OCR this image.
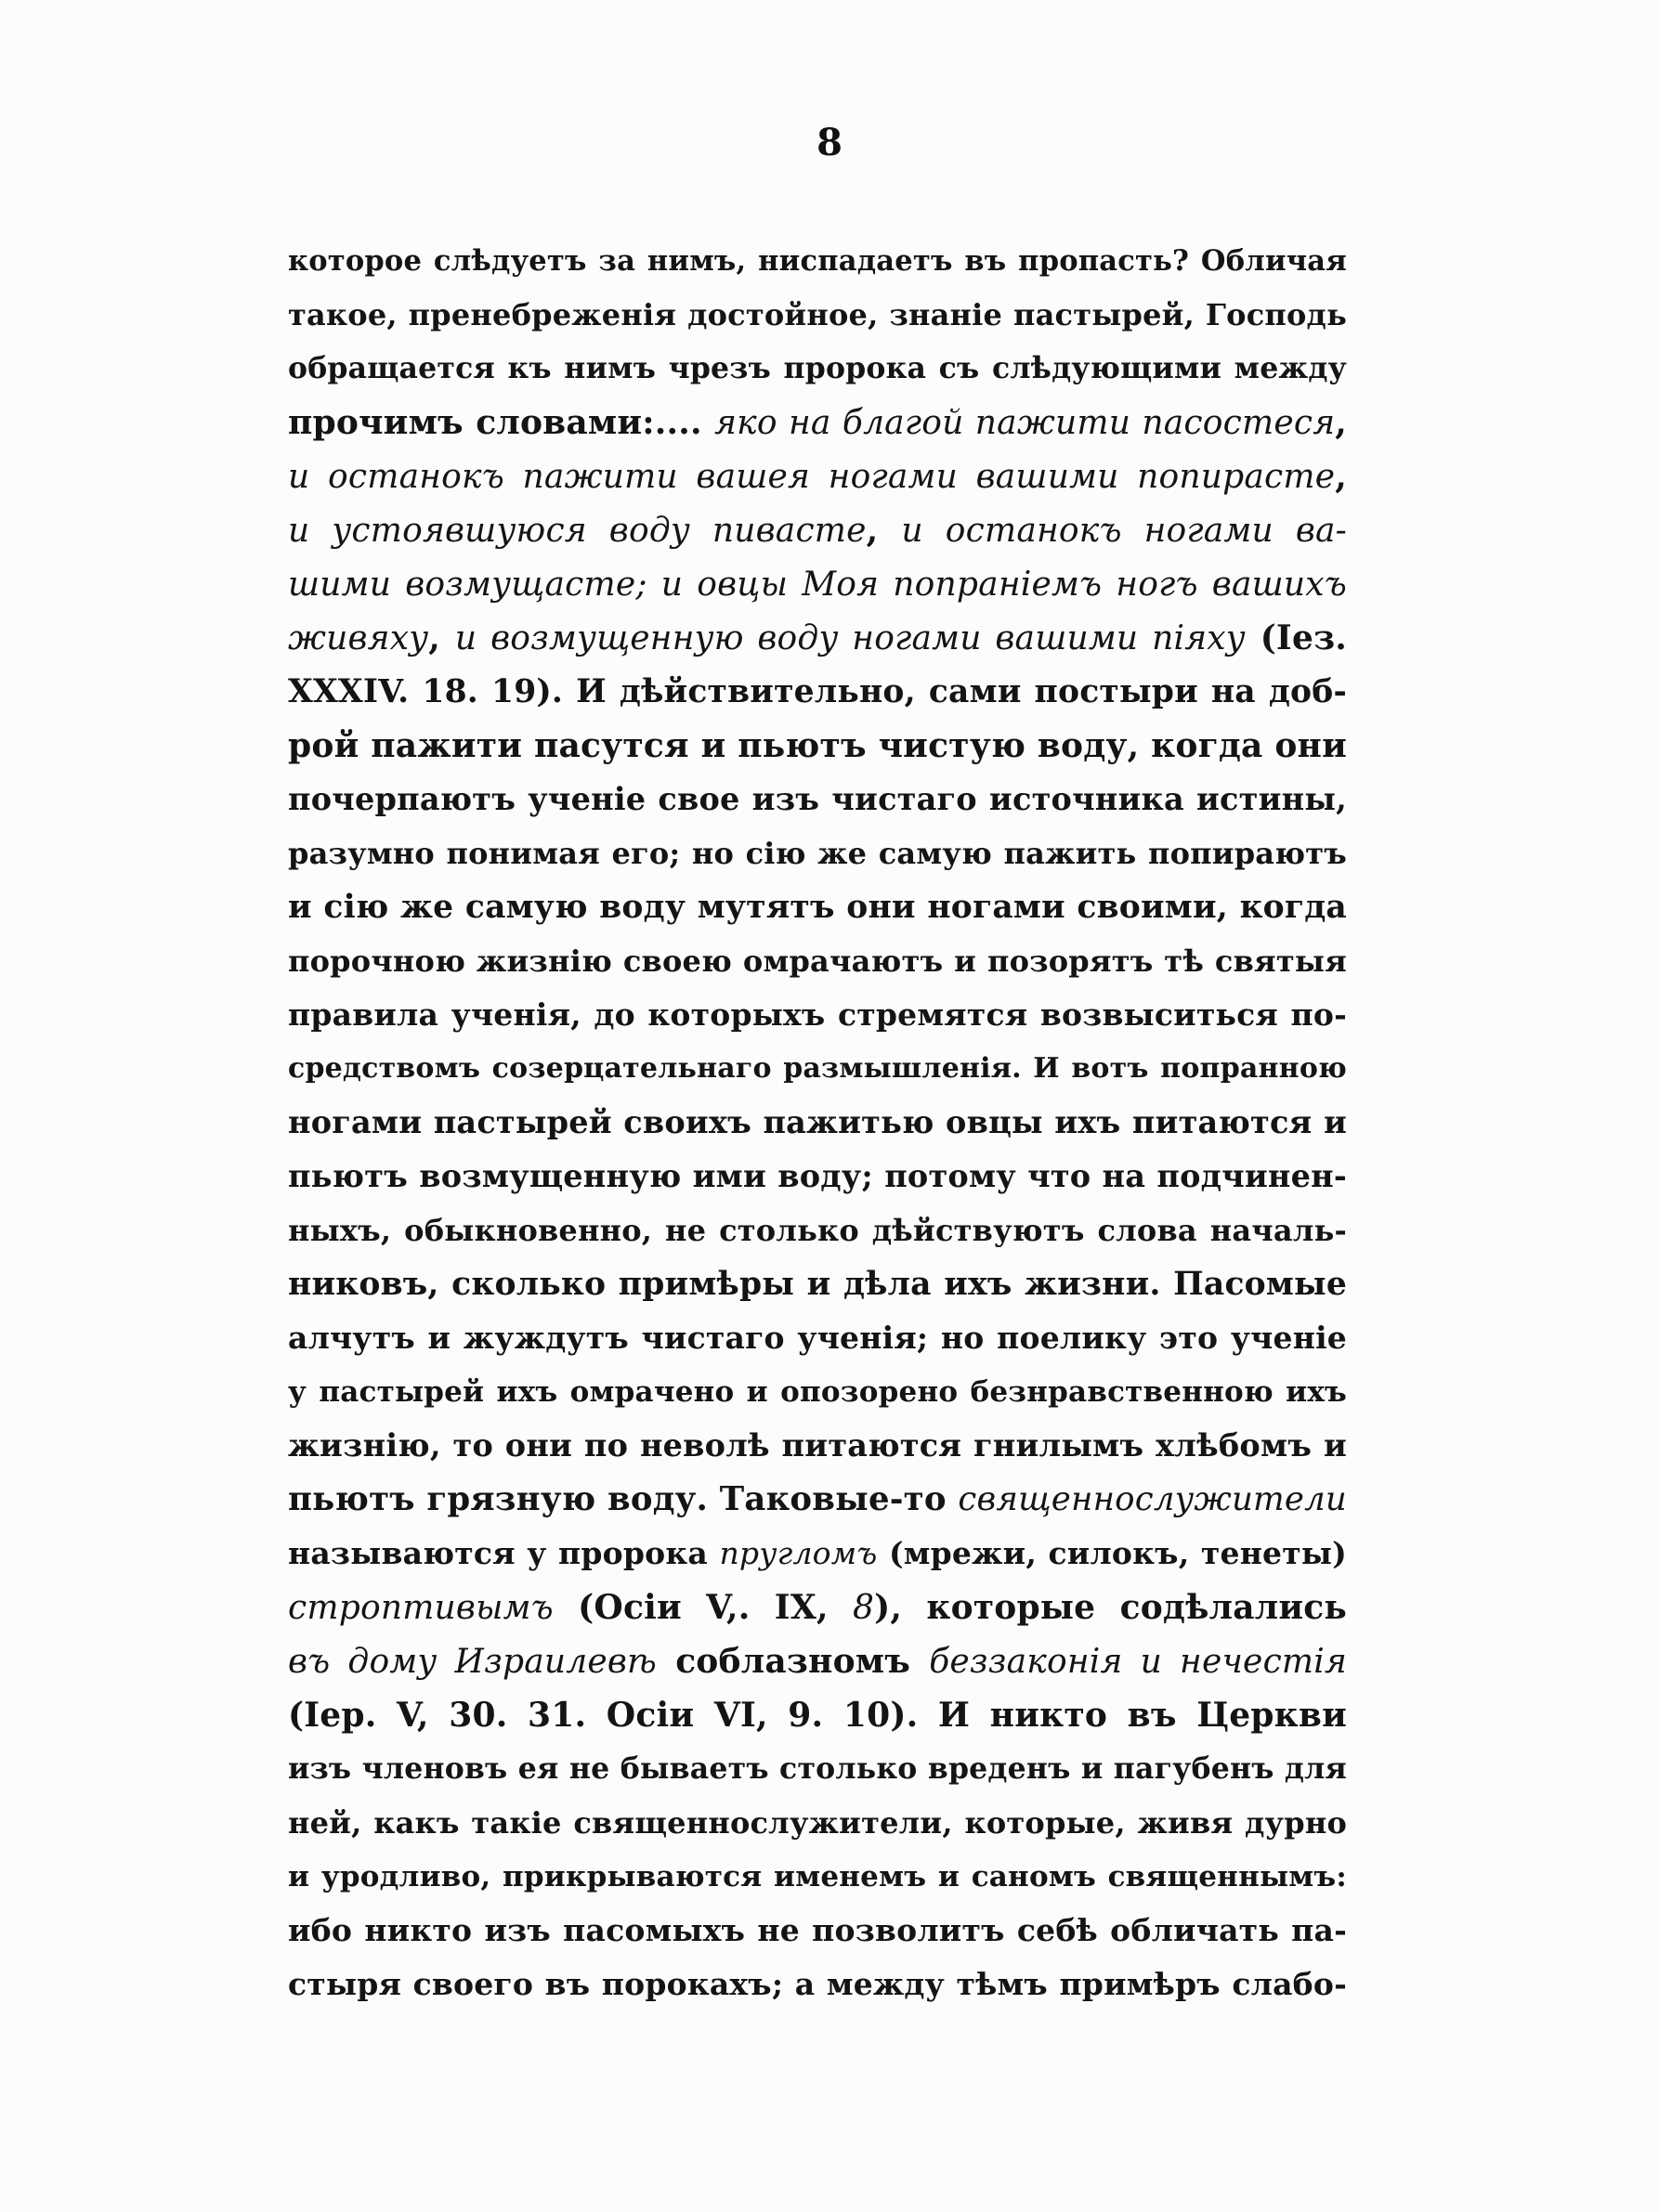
8
которое слѣдуетъ за нимъ, ниспадаетъ въ пропасть? Обличая
такое, пренебреженія достойное, знаніе пастырей, Господь
обращается къ нимъ чрезъ пророка съ слѣдующими между
прочимъ словами:.... яко на благой пажити пасостеся,
и останокъ пажити вашея ногами вашими попирасте,
и устоявшуюся воду пивасте, и останокъ ногами ва-
шими возмущасте; и овцы Моя попраніемъ ногъ вашихъ
живяху, и возмущенную воду ногами вашими піяху (Іез.
XXXIV. 18. 19). И дѣйствительно, сами постыри на доб-
рой пажити пасутся и пьютъ чистую воду, когда они
почерпаютъ ученіе свое изъ чистаго источника истины,
разумно понимая его; но сію же самую пажить попираютъ
и сію же самую воду мутятъ они ногами своими, когда
порочною жизнію своею омрачаютъ и позорятъ тѣ святыя
правила ученія, до которыхъ стремятся возвыситься по-
средствомъ созерцательнаго размышленія. И вотъ попранною
ногами пастырей своихъ пажитью овцы ихъ питаются и
пьютъ возмущенную ими воду; потому что на подчинен-
ныхъ, обыкновенно, не столько дѣйствуютъ слова началь-
никовъ, сколько примѣры и дѣла ихъ жизни. Пасомые
алчутъ и жуждутъ чистаго ученія; но поелику это ученіе
у пастырей ихъ омрачено и опозорено безнравственною ихъ
жизнію, то они по неволѣ питаются гнилымъ хлѣбомъ и
пьютъ грязную воду. Таковые-то священнослужители
называются у пророка пругломъ (мрежи, силокъ, тенеты)
строптивымъ (Осіи V,. IX, 8), которые содѣлались
въ дому Израилевѣ соблазномъ беззаконія и нечестія
(Іер. V, 30. 31. Осіи VI, 9. 10). И никто въ Церкви
изъ членовъ ея не бываетъ столько вреденъ и пагубенъ для
ней, какъ такіе священнослужители, которые, живя дурно
и уродливо, прикрываются именемъ и саномъ священнымъ:
ибо никто изъ пасомыхъ не позволитъ себѣ обличать па-
стыря своего въ порокахъ; а между тѣмъ примѣръ слабо-
